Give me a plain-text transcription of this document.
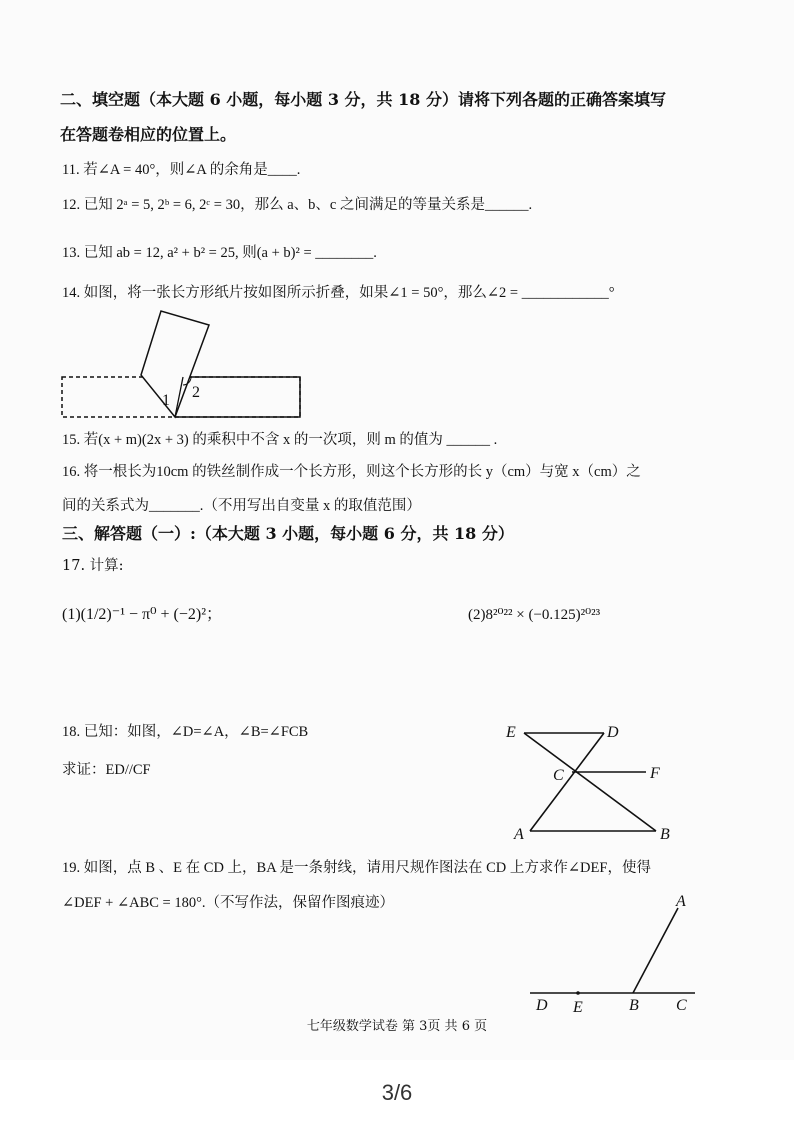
二、填空题（本大题 6 小题，每小题 3 分，共 18 分）请将下列各题的正确答案填写
在答题卷相应的位置上。
11. 若∠A = 40°，则∠A 的余角是____.
12. 已知 2ᵃ = 5, 2ᵇ = 6, 2ᶜ = 30，那么 a、b、c 之间满足的等量关系是______.
13. 已知 ab = 12, a² + b² = 25, 则(a + b)² = ________.
14. 如图，将一张长方形纸片按如图所示折叠，如果∠1 = 50°，那么∠2 = ____________°
1 2
15. 若(x + m)(2x + 3) 的乘积中不含 x 的一次项，则 m 的值为 ______ .
16. 将一根长为10cm 的铁丝制作成一个长方形，则这个长方形的长 y（cm）与宽 x（cm）之
间的关系式为_______.（不用写出自变量 x 的取值范围）
三、解答题（一）:（本大题 3 小题，每小题 6 分，共 18 分）
17. 计算:
(1)(1/2)⁻¹ − π⁰ + (−2)²；	(2)8²⁰²² × (−0.125)²⁰²³
18. 已知：如图，∠D=∠A，∠B=∠FCB
求证：ED//CF
E	D
C	F
A	B
19. 如图，点 B 、E 在 CD 上，BA 是一条射线，请用尺规作图法在 CD 上方求作∠DEF，使得
∠DEF + ∠ABC = 180°.（不写作法，保留作图痕迹）	A
D E	B C
七年级数学试卷 第 3页 共 6 页
3/6
